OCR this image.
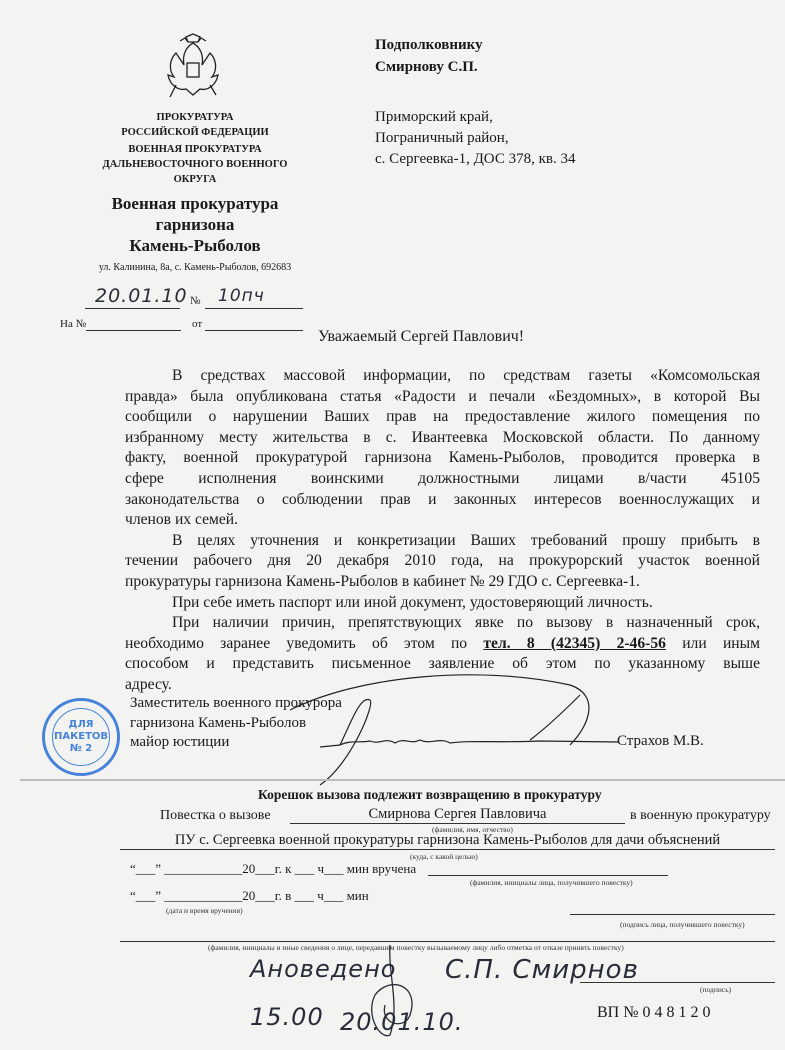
ПРОКУРАТУРА
РОССИЙСКОЙ ФЕДЕРАЦИИ
ВОЕННАЯ ПРОКУРАТУРА
ДАЛЬНЕВОСТОЧНОГО ВОЕННОГО
ОКРУГА
Военная прокуратура
гарнизона
Камень-Рыболов
ул. Калинина, 8а, с. Камень-Рыболов, 692683
20.01.10 № 10пч
На №	от
Подполковнику
Смирнову С.П.
Приморский край,
Пограничный район,
с. Сергеевка-1, ДОС 378, кв. 34
Уважаемый Сергей Павлович!
В средствах массовой информации, по средствам газеты «Комсомольская
правда» была опубликована статья «Радости и печали «Бездомных», в которой Вы
сообщили о нарушении Ваших прав на предоставление жилого помещения по
избранному месту жительства в с. Ивантеевка Московской области. По данному
факту, военной прокуратурой гарнизона Камень-Рыболов, проводится проверка в
сфере исполнения воинскими должностными лицами в/части 45105
законодательства о соблюдении прав и законных интересов военнослужащих и
членов их семей.
В целях уточнения и конкретизации Ваших требований прошу прибыть в
течении рабочего дня 20 декабря 2010 года, на прокурорский участок военной
прокуратуры гарнизона Камень-Рыболов в кабинет № 29 ГДО с. Сергеевка-1.
При себе иметь паспорт или иной документ, удостоверяющий личность.
При наличии причин, препятствующих явке по вызову в назначенный срок,
необходимо заранее уведомить об этом по тел. 8 (42345) 2-46-56 или иным
способом и представить письменное заявление об этом по указанному выше
адресу.
Заместитель военного прокурора
гарнизона Камень-Рыболов
майор юстиции	Страхов М.В.
ДЛЯ
ПАКЕТОВ
№ 2
Корешок вызова подлежит возвращению в прокуратуру
Повестка о вызове	Смирнова Сергея Павловича	в военную прокуратуру
(фамилия, имя, отчество)
ПУ с. Сергеевка военной прокуратуры гарнизона Камень-Рыболов для дачи объяснений
(куда, с какой целью)
“___” ____________20___г. к ___ ч___ мин вручена
(фамилия, инициалы лица, получившего повестку)
“___” ____________20___г. в ___ ч___ мин
(дата и время вручения)
(подпись лица, получившего повестку)
(фамилия, инициалы и иные сведения о лице, передавшем повестку вызываемому лицу либо отметка от отказе принять повестку)
Ановедено С.П. Смирнов
(подпись)
15.00 20.01.10.	ВП № 0 4 8 1 2 0
